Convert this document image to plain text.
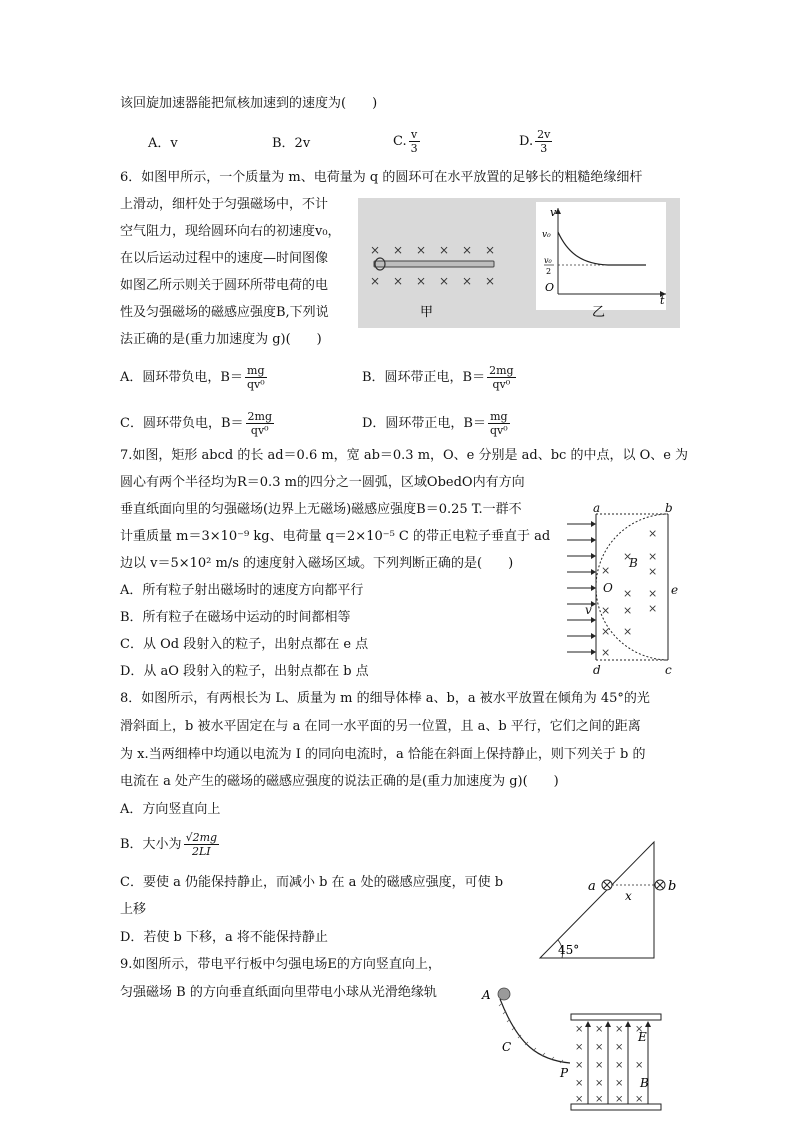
该回旋加速器能把氚核加速到的速度为(　　)
A．v	B．2v	C. $\frac{v}{3}$	D. $\frac{2v}{3}$
6．如图甲所示，一个质量为 m、电荷量为 q 的圆环可在水平放置的足够长的粗糙绝缘细杆
上滑动，细杆处于匀强磁场中，不计
空气阻力，现给圆环向右的初速度v₀，
在以后运动过程中的速度—时间图像
如图乙所示则关于圆环所带电荷的电
性及匀强磁场的磁感应强度B,下列说
法正确的是(重力加速度为 g)(　　)
× × × × × ×
× × × × × ×
甲
v
t
O
v₀
v₀
2
乙
A．圆环带负电，$B= \frac{mg}{\text{qv⁰}}$	B．圆环带正电，$B= \frac{2mg}{\text{qv⁰}}$
C．圆环带负电，$B= \frac{2mg}{\text{qv⁰}}$	D．圆环带正电，$B= \frac{mg}{\text{qv⁰}}$
7.如图，矩形 abcd 的长 ad＝0.6 m，宽 ab＝0.3 m，O、e 分别是 ad、bc 的中点，以 O、e 为
圆心有两个半径均为R＝0.3 m的四分之一圆弧，区域ObedO内有方向
垂直纸面向里的匀强磁场(边界上无磁场)磁感应强度B＝0.25 T.一群不
计重质量 m＝3×10⁻⁹ kg、电荷量 q＝2×10⁻⁵ C 的带正电粒子垂直于 ad
边以 v＝5×10² m/s 的速度射入磁场区域。下列判断正确的是(　　)
A．所有粒子射出磁场时的速度方向都平行
B．所有粒子在磁场中运动的时间都相等
C．从 Od 段射入的粒子，出射点都在 e 点
D．从 aO 段射入的粒子，出射点都在 b 点
×
× ×
×	×
× ×
× × ×
× ×
×
a	b
c
d
e
O
B
v
8．如图所示，有两根长为 L、质量为 m 的细导体棒 a、b，a 被水平放置在倾角为 45°的光
滑斜面上，b 被水平固定在与 a 在同一水平面的另一位置，且 a、b 平行，它们之间的距离
为 x.当两细棒中均通以电流为 I 的同向电流时，a 恰能在斜面上保持静止，则下列关于 b 的
电流在 a 处产生的磁场的磁感应强度的说法正确的是(重力加速度为 g)(　　)
A．方向竖直向上
B．大小为 $\frac{√2mg}{2LI}$
C．要使 a 仍能保持静止，而减小 b 在 a 处的磁感应强度，可使 b
上移
D．若使 b 下移，a 将不能保持静止
45°
a	b
x
9.如图所示，带电平行板中匀强电场E的方向竖直向上，
匀强磁场 B 的方向垂直纸面向里带电小球从光滑绝缘轨	A
C
P
× × × ×
× × ×
× × × ×
× × ×
× × × ×
E
B
